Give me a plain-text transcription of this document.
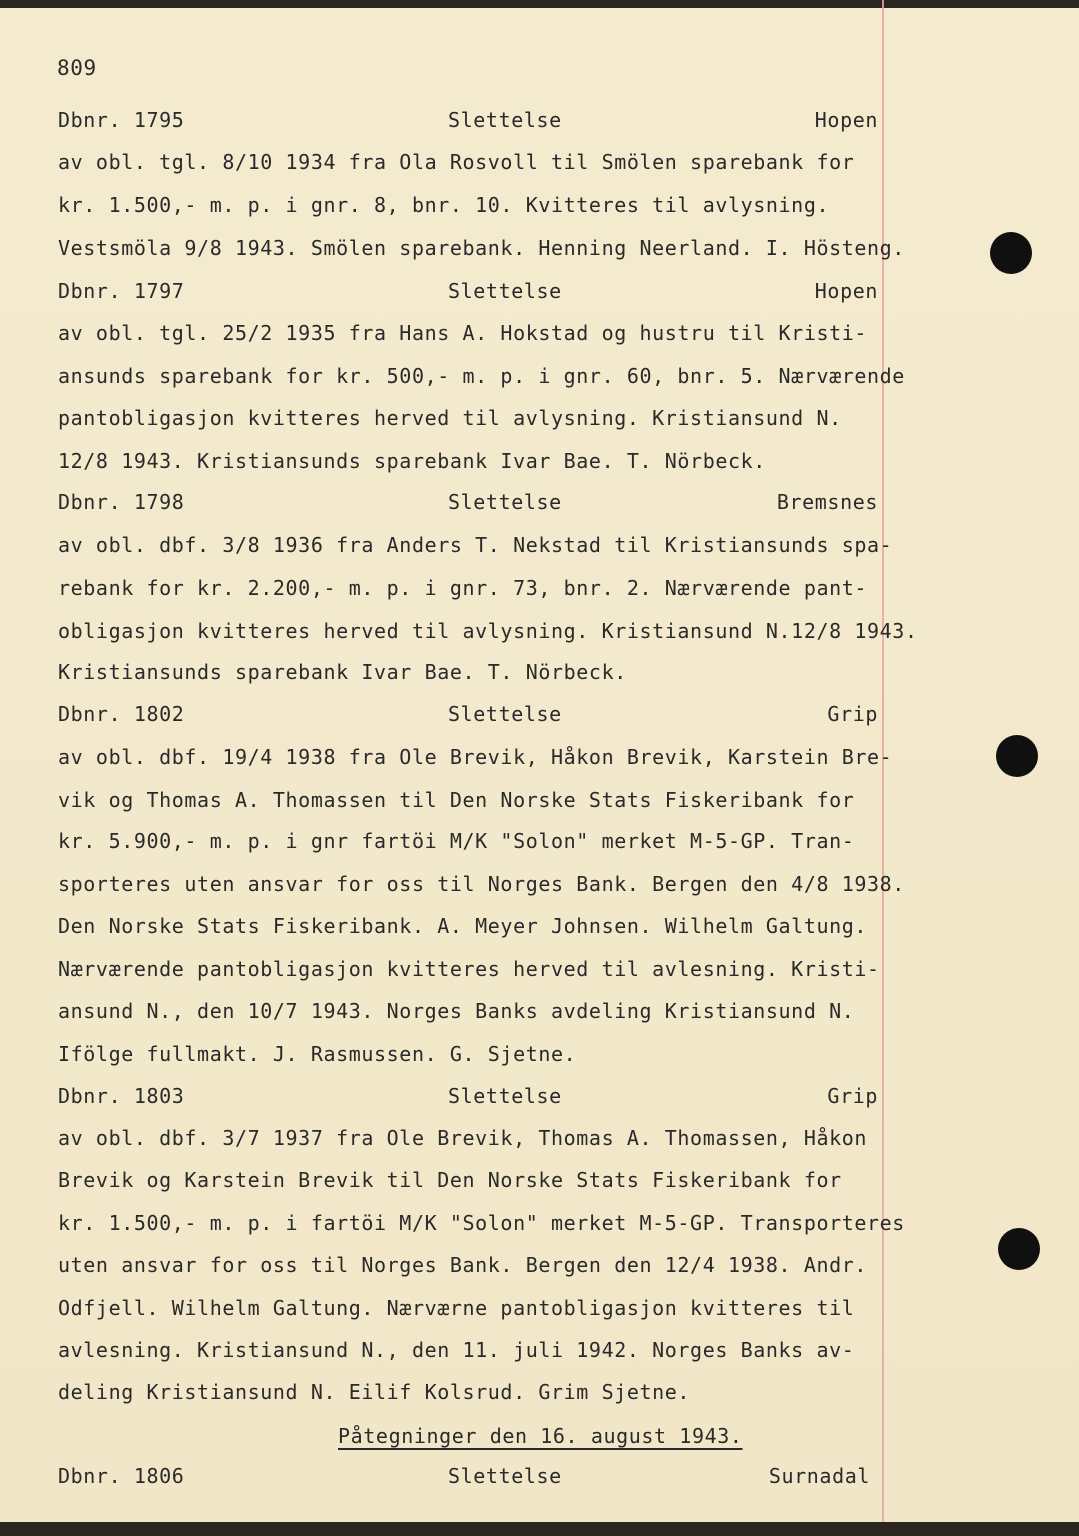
809
Dbnr. 1795	Slettelse	Hopen
av obl. tgl. 8/10 1934 fra Ola Rosvoll til Smölen sparebank for
kr. 1.500,- m. p. i gnr. 8, bnr. 10. Kvitteres til avlysning.
Vestsmöla 9/8 1943. Smölen sparebank. Henning Neerland. I. Hösteng.
Dbnr. 1797	Slettelse	Hopen
av obl. tgl. 25/2 1935 fra Hans A. Hokstad og hustru til Kristi-
ansunds sparebank for kr. 500,- m. p. i gnr. 60, bnr. 5. Nærværende
pantobligasjon kvitteres herved til avlysning. Kristiansund N.
12/8 1943. Kristiansunds sparebank Ivar Bae. T. Nörbeck.
Dbnr. 1798	Slettelse	Bremsnes
av obl. dbf. 3/8 1936 fra Anders T. Nekstad til Kristiansunds spa-
rebank for kr. 2.200,- m. p. i gnr. 73, bnr. 2. Nærværende pant-
obligasjon kvitteres herved til avlysning. Kristiansund N.12/8 1943.
Kristiansunds sparebank Ivar Bae. T. Nörbeck.
Dbnr. 1802	Slettelse	Grip
av obl. dbf. 19/4 1938 fra Ole Brevik, Håkon Brevik, Karstein Bre-
vik og Thomas A. Thomassen til Den Norske Stats Fiskeribank for
kr. 5.900,- m. p. i gnr fartöi M/K "Solon" merket M-5-GP. Tran-
sporteres uten ansvar for oss til Norges Bank. Bergen den 4/8 1938.
Den Norske Stats Fiskeribank. A. Meyer Johnsen. Wilhelm Galtung.
Nærværende pantobligasjon kvitteres herved til avlesning. Kristi-
ansund N., den 10/7 1943. Norges Banks avdeling Kristiansund N.
Ifölge fullmakt. J. Rasmussen. G. Sjetne.
Dbnr. 1803	Slettelse	Grip
av obl. dbf. 3/7 1937 fra Ole Brevik, Thomas A. Thomassen, Håkon
Brevik og Karstein Brevik til Den Norske Stats Fiskeribank for
kr. 1.500,- m. p. i fartöi M/K "Solon" merket M-5-GP. Transporteres
uten ansvar for oss til Norges Bank. Bergen den 12/4 1938. Andr.
Odfjell. Wilhelm Galtung. Nærværne pantobligasjon kvitteres til
avlesning. Kristiansund N., den 11. juli 1942. Norges Banks av-
deling Kristiansund N. Eilif Kolsrud. Grim Sjetne.
Påtegninger den 16. august 1943.
Dbnr. 1806	Slettelse	Surnadal
